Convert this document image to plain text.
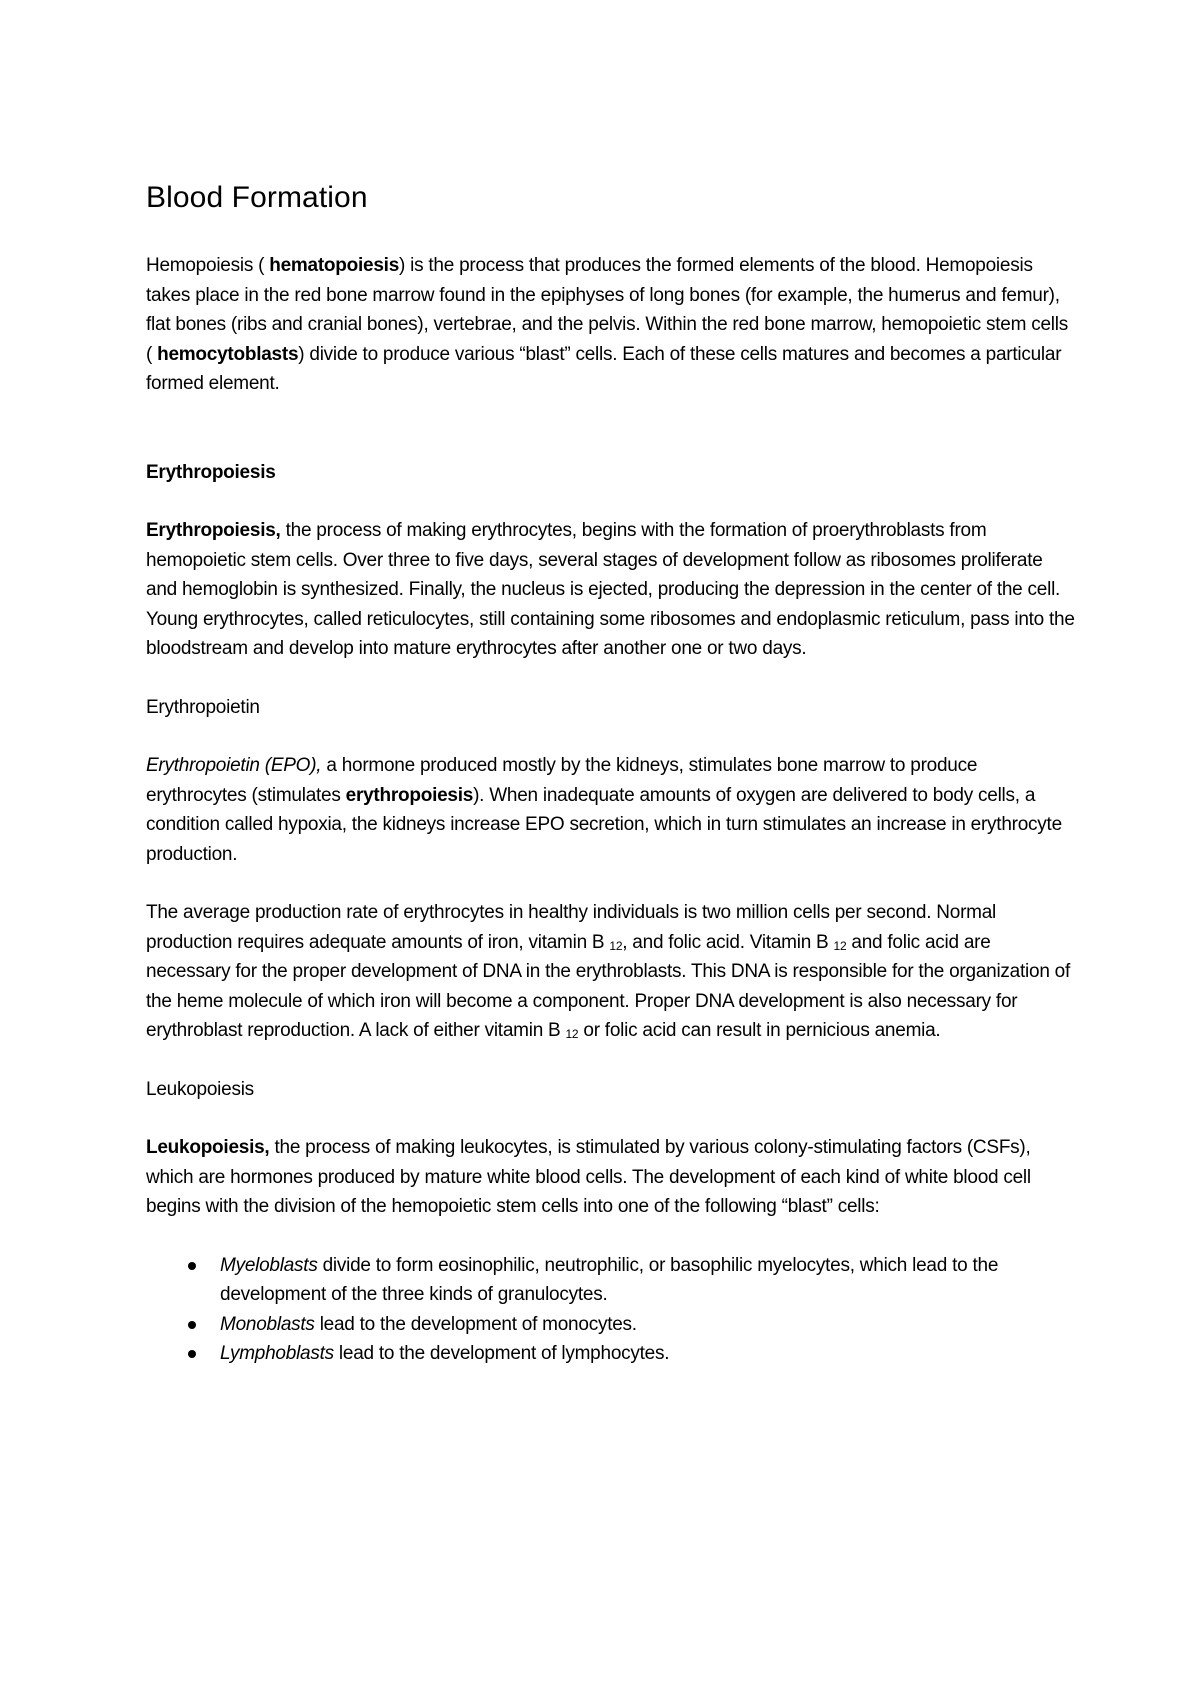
Blood Formation

Hemopoiesis ( hematopoiesis) is the process that produces the formed elements of the blood. Hemopoiesis takes place in the red bone marrow found in the epiphyses of long bones (for example, the humerus and femur), flat bones (ribs and cranial bones), vertebrae, and the pelvis. Within the red bone marrow, hemopoietic stem cells ( hemocytoblasts) divide to produce various “blast” cells. Each of these cells matures and becomes a particular formed element.

Erythropoiesis

Erythropoiesis, the process of making erythrocytes, begins with the formation of proerythroblasts from hemopoietic stem cells. Over three to five days, several stages of development follow as ribosomes proliferate and hemoglobin is synthesized. Finally, the nucleus is ejected, producing the depression in the center of the cell. Young erythrocytes, called reticulocytes, still containing some ribosomes and endoplasmic reticulum, pass into the bloodstream and develop into mature erythrocytes after another one or two days.

Erythropoietin

Erythropoietin (EPO), a hormone produced mostly by the kidneys, stimulates bone marrow to produce erythrocytes (stimulates erythropoiesis). When inadequate amounts of oxygen are delivered to body cells, a condition called hypoxia, the kidneys increase EPO secretion, which in turn stimulates an increase in erythrocyte production.

The average production rate of erythrocytes in healthy individuals is two million cells per second. Normal production requires adequate amounts of iron, vitamin B $_{12}$, and folic acid. Vitamin B $_{12}$ and folic acid are necessary for the proper development of DNA in the erythroblasts. This DNA is responsible for the organization of the heme molecule of which iron will become a component. Proper DNA development is also necessary for erythroblast reproduction. A lack of either vitamin B $_{12}$ or folic acid can result in pernicious anemia.

Leukopoiesis

Leukopoiesis, the process of making leukocytes, is stimulated by various colony-stimulating factors (CSFs), which are hormones produced by mature white blood cells. The development of each kind of white blood cell begins with the division of the hemopoietic stem cells into one of the following “blast” cells:

Myeloblasts divide to form eosinophilic, neutrophilic, or basophilic myelocytes, which lead to the development of the three kinds of granulocytes.
Monoblasts lead to the development of monocytes.
Lymphoblasts lead to the development of lymphocytes.
